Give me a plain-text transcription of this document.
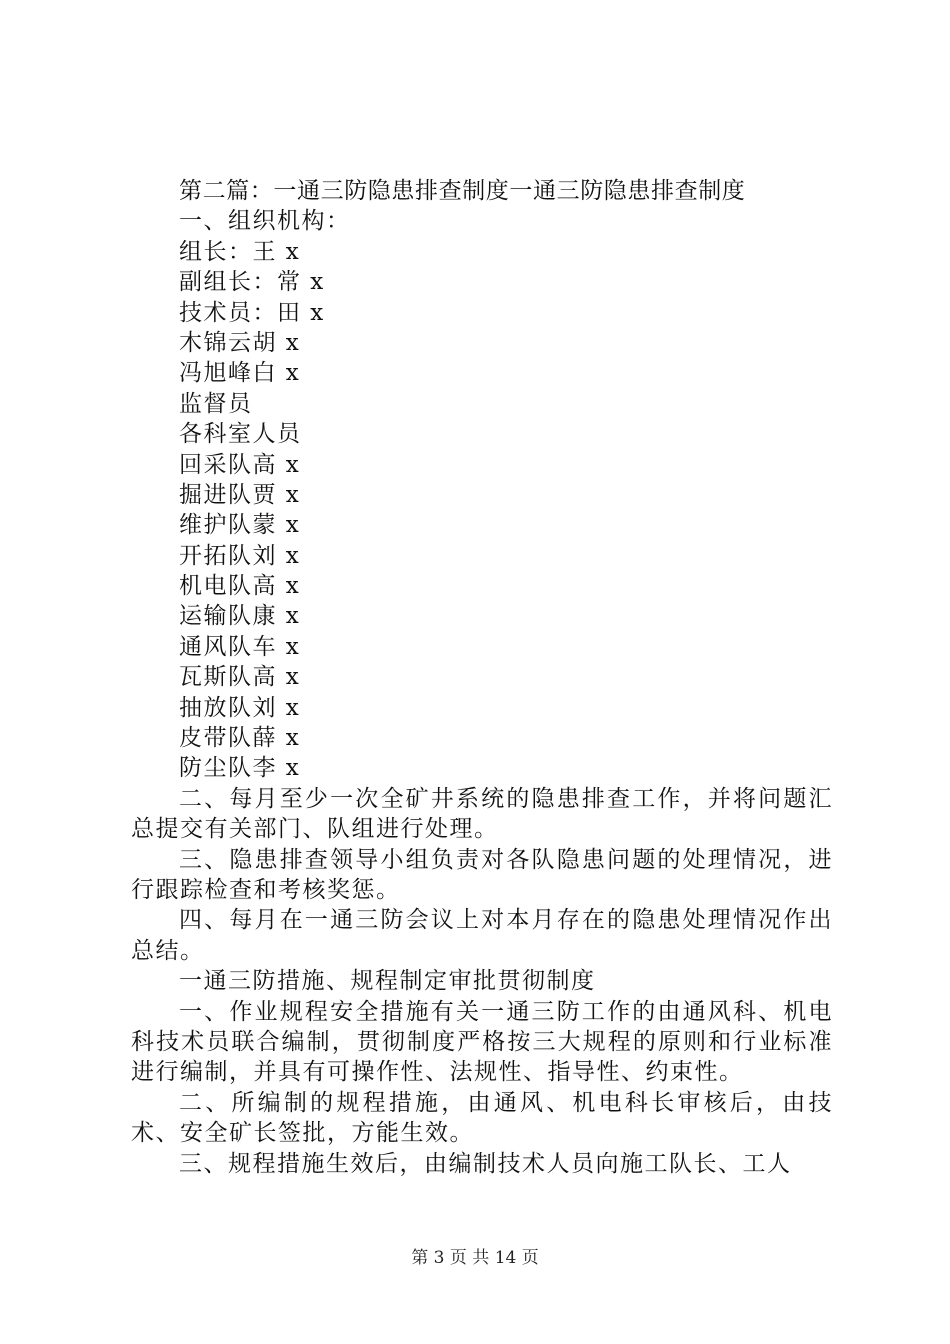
第二篇：一通三防隐患排查制度一通三防隐患排查制度
一、组织机构：
组长：王 x
副组长：常 x
技术员：田 x
木锦云胡 x
冯旭峰白 x
监督员
各科室人员
回采队高 x
掘进队贾 x
维护队蒙 x
开拓队刘 x
机电队高 x
运输队康 x
通风队车 x
瓦斯队高 x
抽放队刘 x
皮带队薛 x
防尘队李 x
二、每月至少一次全矿井系统的隐患排查工作，并将问题汇总提交有关部门、队组进行处理。
三、隐患排查领导小组负责对各队隐患问题的处理情况，进行跟踪检查和考核奖惩。
四、每月在一通三防会议上对本月存在的隐患处理情况作出总结。
一通三防措施、规程制定审批贯彻制度
一、作业规程安全措施有关一通三防工作的由通风科、机电科技术员联合编制，贯彻制度严格按三大规程的原则和行业标准进行编制，并具有可操作性、法规性、指导性、约束性。
二、所编制的规程措施，由通风、机电科长审核后，由技术、安全矿长签批，方能生效。
三、规程措施生效后，由编制技术人员向施工队长、工人
第 3 页 共 14 页
